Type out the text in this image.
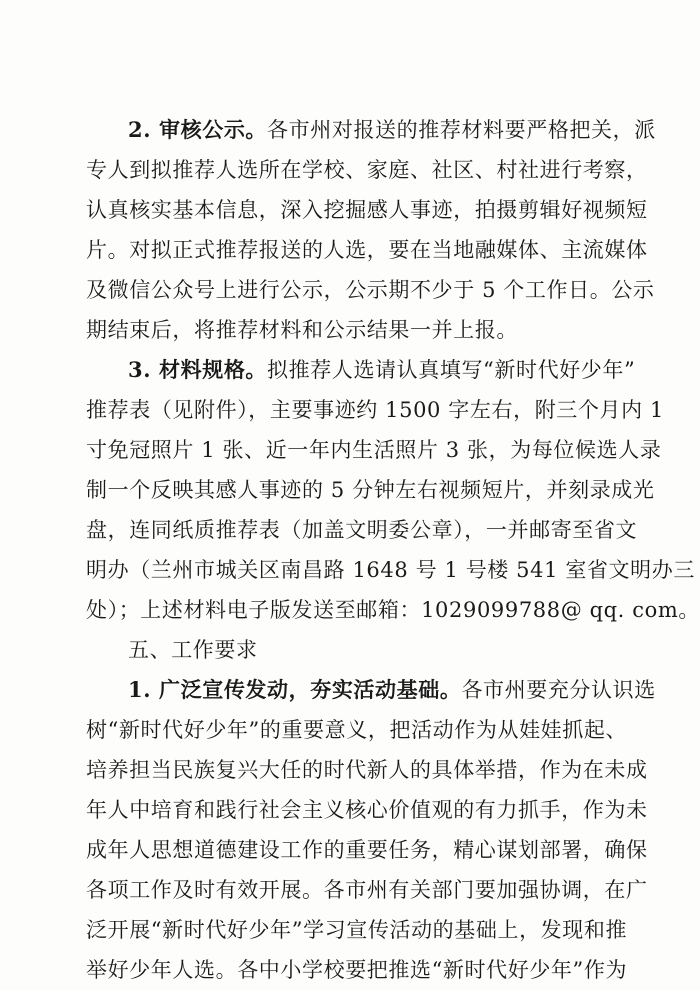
2. 审核公示。各市州对报送的推荐材料要严格把关，派
专人到拟推荐人选所在学校、家庭、社区、村社进行考察，
认真核实基本信息，深入挖掘感人事迹，拍摄剪辑好视频短
片。对拟正式推荐报送的人选，要在当地融媒体、主流媒体
及微信公众号上进行公示，公示期不少于 5 个工作日。公示
期结束后，将推荐材料和公示结果一并上报。
3. 材料规格。拟推荐人选请认真填写“新时代好少年”
推荐表（见附件），主要事迹约 1500 字左右，附三个月内 1
寸免冠照片 1 张、近一年内生活照片 3 张，为每位候选人录
制一个反映其感人事迹的 5 分钟左右视频短片，并刻录成光
盘，连同纸质推荐表（加盖文明委公章），一并邮寄至省文
明办（兰州市城关区南昌路 1648 号 1 号楼 541 室省文明办三
处）；上述材料电子版发送至邮箱：1029099788@ qq. com。
五、工作要求
1. 广泛宣传发动，夯实活动基础。各市州要充分认识选
树“新时代好少年”的重要意义，把活动作为从娃娃抓起、
培养担当民族复兴大任的时代新人的具体举措，作为在未成
年人中培育和践行社会主义核心价值观的有力抓手，作为未
成年人思想道德建设工作的重要任务，精心谋划部署，确保
各项工作及时有效开展。各市州有关部门要加强协调，在广
泛开展“新时代好少年”学习宣传活动的基础上，发现和推
举好少年人选。各中小学校要把推选“新时代好少年”作为
